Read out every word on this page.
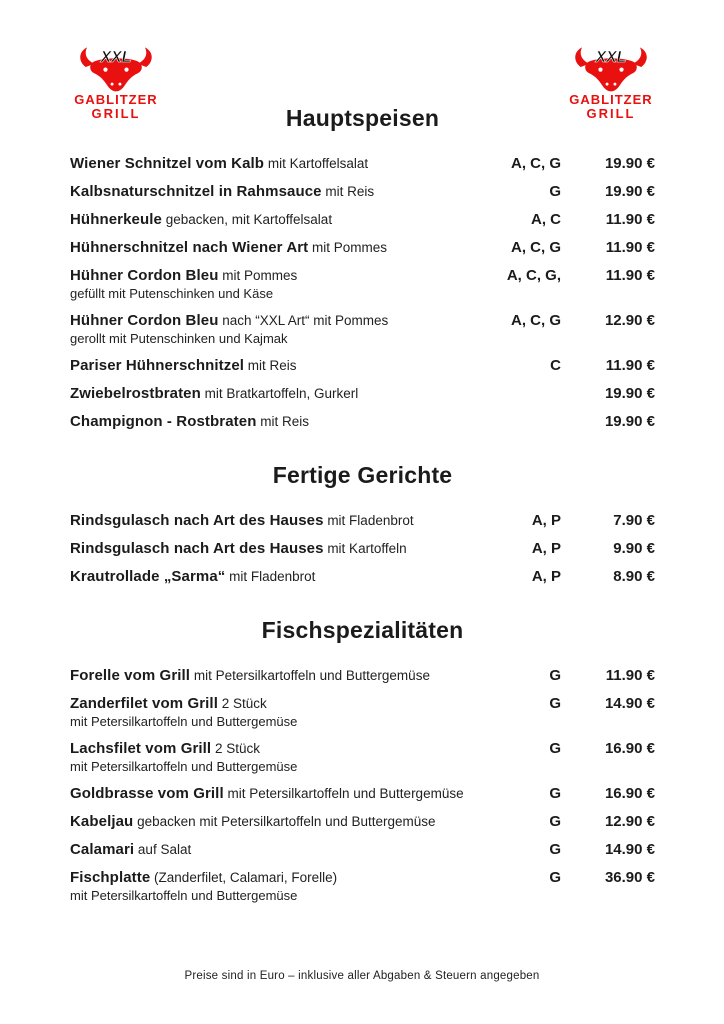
XXL
GABLITZER
GRILL
XXL
GABLITZER
GRILL
Hauptspeisen
Wiener Schnitzel vom Kalb mit Kartoffelsalat	A, C, G	19.90 €
Kalbsnaturschnitzel in Rahmsauce mit Reis	G	19.90 €
Hühnerkeule gebacken, mit Kartoffelsalat	A, C	11.90 €
Hühnerschnitzel nach Wiener Art mit Pommes	A, C, G	11.90 €
Hühner Cordon Bleu mit Pommes
gefüllt mit Putenschinken und Käse
A, C, G,	11.90 €
Hühner Cordon Bleu nach “XXL Art“ mit Pommes
gerollt mit Putenschinken und Kajmak
A, C, G	12.90 €
Pariser Hühnerschnitzel mit Reis	C	11.90 €
Zwiebelrostbraten mit Bratkartoffeln, Gurkerl	19.90 €
Champignon - Rostbraten mit Reis	19.90 €
Fertige Gerichte
Rindsgulasch nach Art des Hauses mit Fladenbrot	A, P	7.90 €
Rindsgulasch nach Art des Hauses mit Kartoffeln	A, P	9.90 €
Krautrollade „Sarma“ mit Fladenbrot	A, P	8.90 €
Fischspezialitäten
Forelle vom Grill mit Petersilkartoffeln und Buttergemüse	G	11.90 €
Zanderfilet vom Grill 2 Stück
mit Petersilkartoffeln und Buttergemüse
G	14.90 €
Lachsfilet vom Grill 2 Stück
mit Petersilkartoffeln und Buttergemüse
G	16.90 €
Goldbrasse vom Grill mit Petersilkartoffeln und Buttergemüse	G	16.90 €
Kabeljau gebacken mit Petersilkartoffeln und Buttergemüse	G	12.90 €
Calamari auf Salat	G	14.90 €
Fischplatte (Zanderfilet, Calamari, Forelle)
mit Petersilkartoffeln und Buttergemüse
G	36.90 €
Preise sind in Euro – inklusive aller Abgaben & Steuern angegeben
